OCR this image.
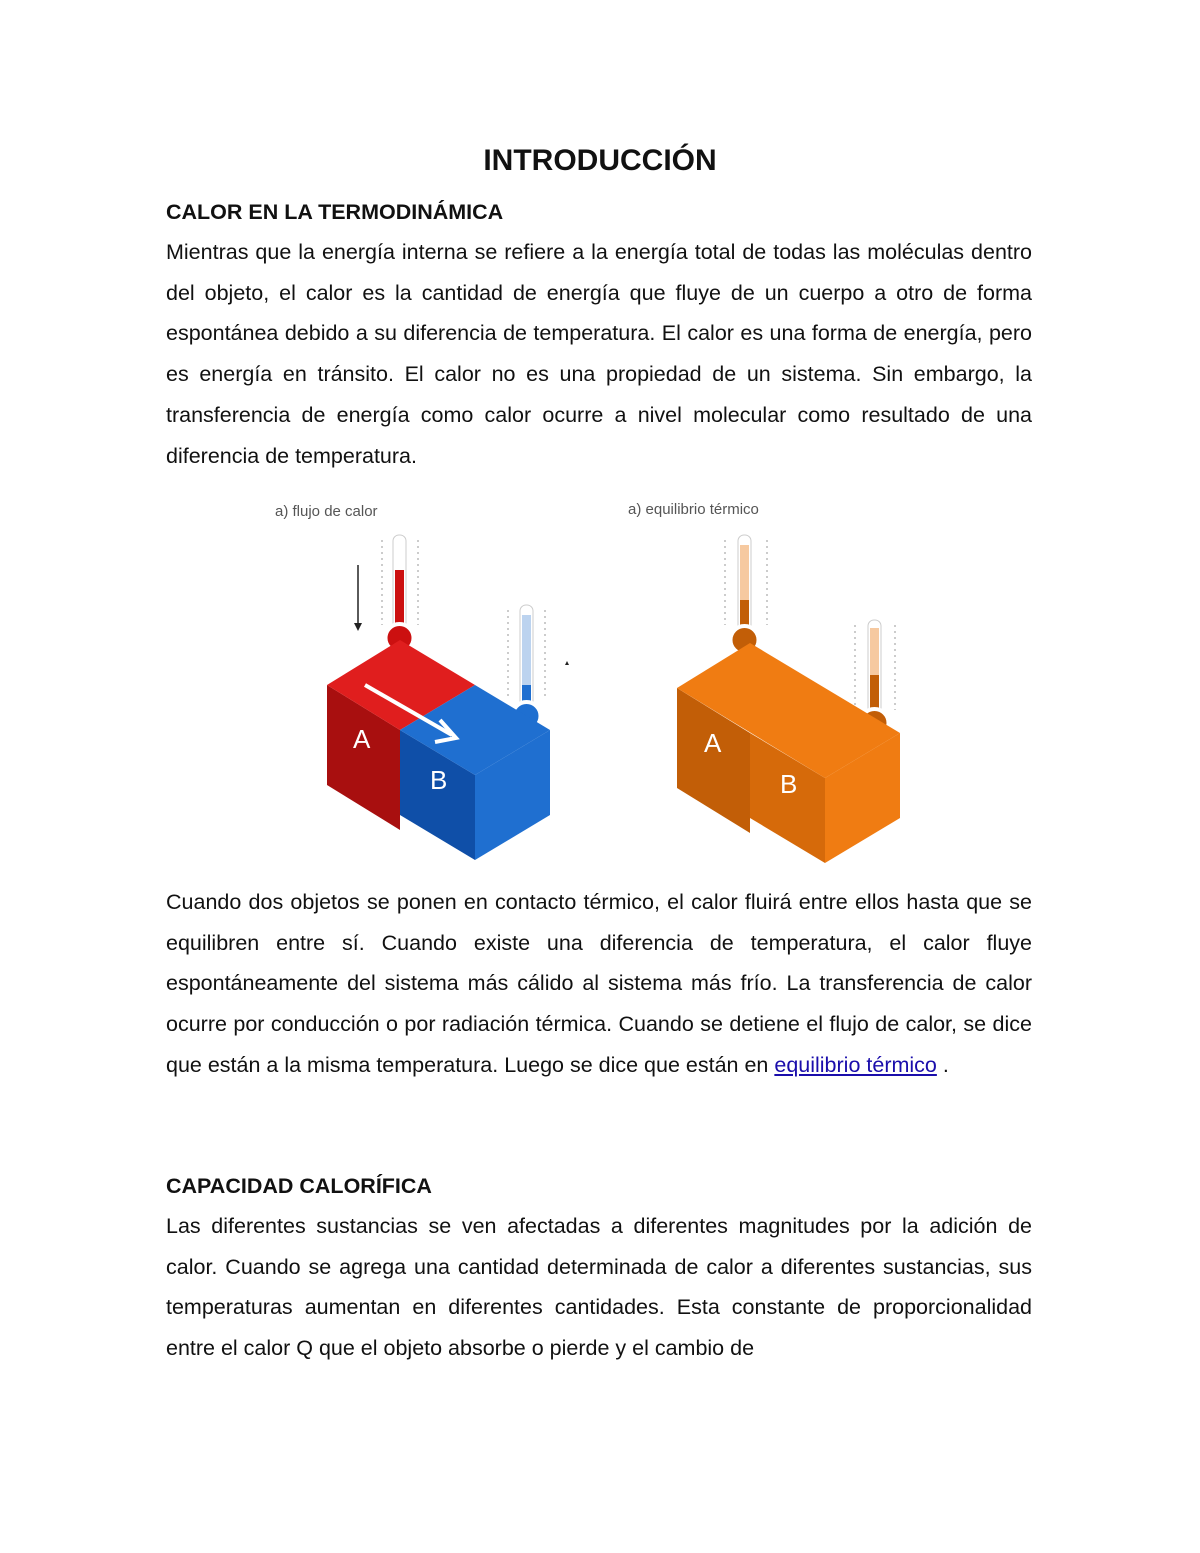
INTRODUCCIÓN
CALOR EN LA TERMODINÁMICA

Mientras que la energía interna se refiere a la energía total de todas las moléculas dentro del objeto, el calor es la cantidad de energía que fluye de un cuerpo a otro de forma espontánea debido a su diferencia de temperatura. El calor es una forma de energía, pero es energía en tránsito. El calor no es una propiedad de un sistema. Sin embargo, la transferencia de energía como calor ocurre a nivel molecular como resultado de una diferencia de temperatura.

a) flujo de calor
A
B
a) equilibrio térmico
A
B

Cuando dos objetos se ponen en contacto térmico, el calor fluirá entre ellos hasta que se equilibren entre sí. Cuando existe una diferencia de temperatura, el calor fluye espontáneamente del sistema más cálido al sistema más frío. La transferencia de calor ocurre por conducción o por radiación térmica. Cuando se detiene el flujo de calor, se dice que están a la misma temperatura. Luego se dice que están en equilibrio térmico .

CAPACIDAD CALORÍFICA

Las diferentes sustancias se ven afectadas a diferentes magnitudes por la adición de calor. Cuando se agrega una cantidad determinada de calor a diferentes sustancias, sus temperaturas aumentan en diferentes cantidades. Esta constante de proporcionalidad entre el calor Q que el objeto absorbe o pierde y el cambio de
